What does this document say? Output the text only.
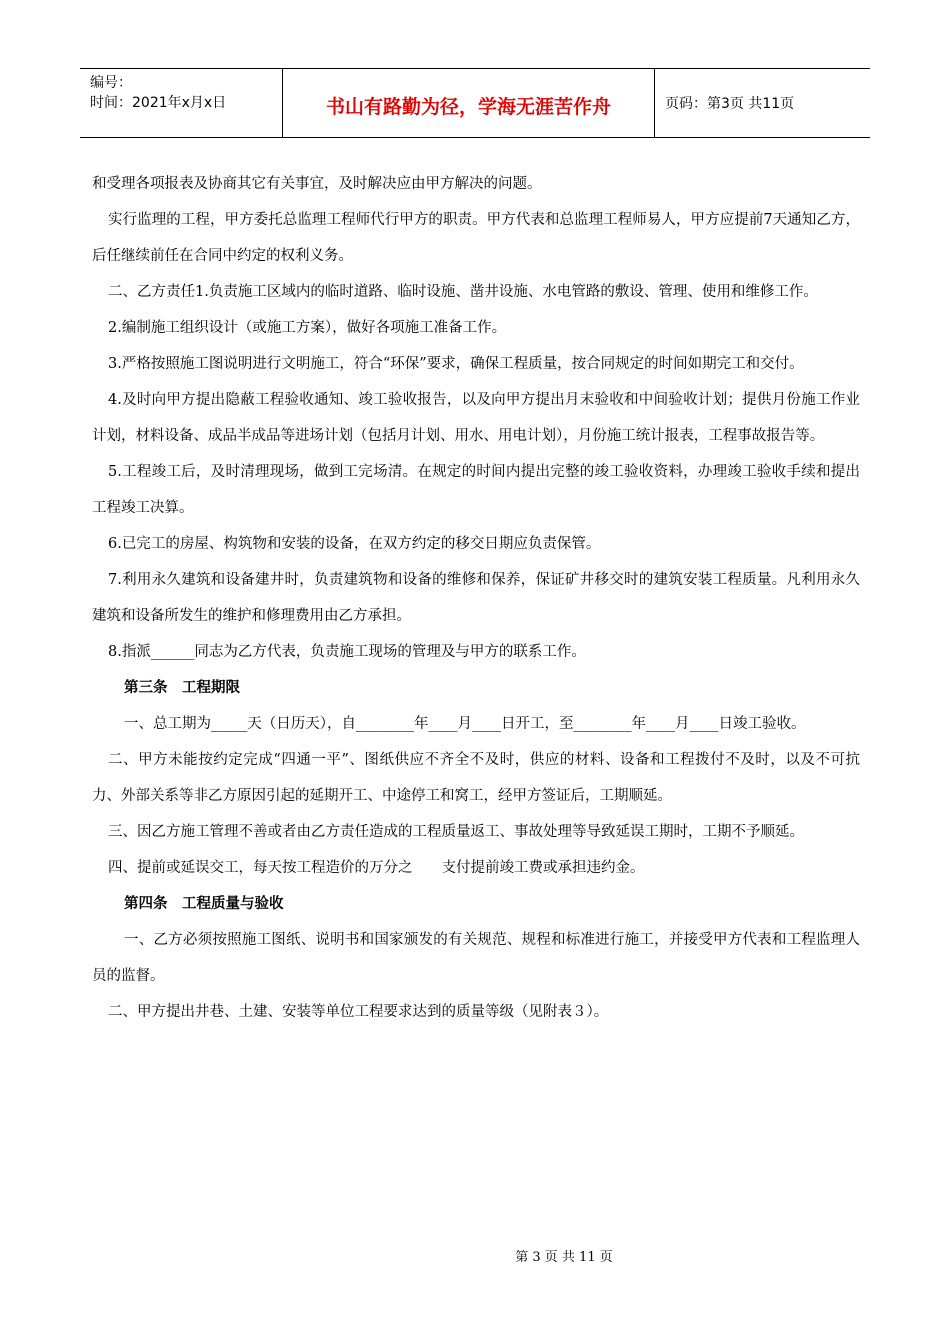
编号：
时间：2021年x月x日	书山有路勤为径，学海无涯苦作舟	页码：第3页 共11页

和受理各项报表及协商其它有关事宜，及时解决应由甲方解决的问题。

实行监理的工程，甲方委托总监理工程师代行甲方的职责。甲方代表和总监理工程师易人，甲方应提前7天通知乙方，后任继续前任在合同中约定的权利义务。

二、乙方责任1.负责施工区域内的临时道路、临时设施、凿井设施、水电管路的敷设、管理、使用和维修工作。

2.编制施工组织设计（或施工方案），做好各项施工准备工作。

3.严格按照施工图说明进行文明施工，符合“环保”要求，确保工程质量，按合同规定的时间如期完工和交付。

4.及时向甲方提出隐蔽工程验收通知、竣工验收报告，以及向甲方提出月末验收和中间验收计划；提供月份施工作业计划，材料设备、成品半成品等进场计划（包括月计划、用水、用电计划），月份施工统计报表，工程事故报告等。

5.工程竣工后，及时清理现场，做到工完场清。在规定的时间内提出完整的竣工验收资料，办理竣工验收手续和提出工程竣工决算。

6.已完工的房屋、构筑物和安装的设备，在双方约定的移交日期应负责保管。

7.利用永久建筑和设备建井时，负责建筑物和设备的维修和保养，保证矿井移交时的建筑安装工程质量。凡利用永久建筑和设备所发生的维护和修理费用由乙方承担。

8.指派______同志为乙方代表，负责施工现场的管理及与甲方的联系工作。

第三条　工程期限

一、总工期为_____天（日历天），自________年____月____日开工，至________年____月____日竣工验收。

二、甲方未能按约定完成“四通一平”、图纸供应不齐全不及时，供应的材料、设备和工程拨付不及时，以及不可抗力、外部关系等非乙方原因引起的延期开工、中途停工和窝工，经甲方签证后，工期顺延。

三、因乙方施工管理不善或者由乙方责任造成的工程质量返工、事故处理等导致延误工期时，工期不予顺延。

四、提前或延误交工，每天按工程造价的万分之　　支付提前竣工费或承担违约金。

第四条　工程质量与验收

一、乙方必须按照施工图纸、说明书和国家颁发的有关规范、规程和标准进行施工，并接受甲方代表和工程监理人员的监督。

二、甲方提出井巷、土建、安装等单位工程要求达到的质量等级（见附表３）。

第 3 页 共 11 页
